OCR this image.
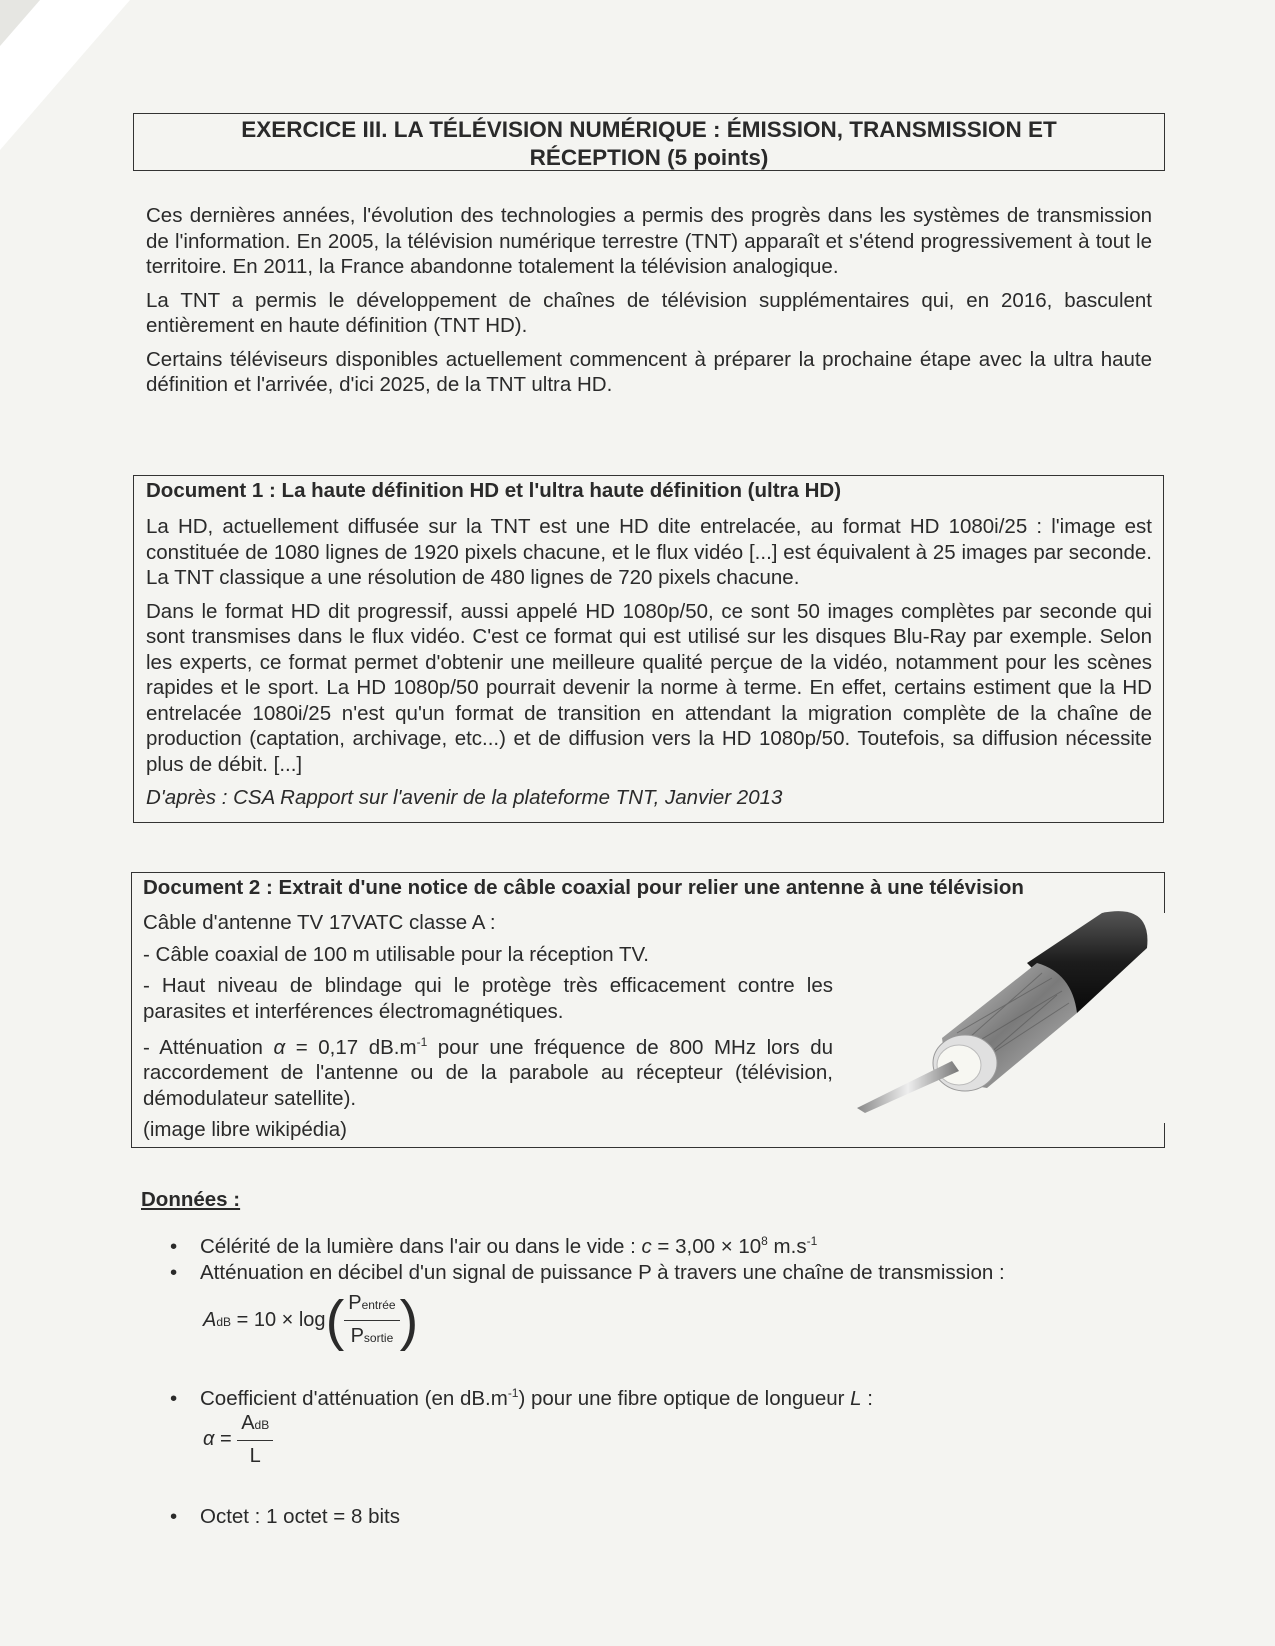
EXERCICE III. LA TÉLÉVISION NUMÉRIQUE : ÉMISSION, TRANSMISSION ET
RÉCEPTION (5 points)

Ces dernières années, l'évolution des technologies a permis des progrès dans les systèmes de transmission de l'information. En 2005, la télévision numérique terrestre (TNT) apparaît et s'étend progressivement à tout le territoire. En 2011, la France abandonne totalement la télévision analogique.

La TNT a permis le développement de chaînes de télévision supplémentaires qui, en 2016, basculent entièrement en haute définition (TNT HD).

Certains téléviseurs disponibles actuellement commencent à préparer la prochaine étape avec la ultra haute définition et l'arrivée, d'ici 2025, de la TNT ultra HD.

Document 1 : La haute définition HD et l'ultra haute définition (ultra HD)

La HD, actuellement diffusée sur la TNT est une HD dite entrelacée, au format HD 1080i/25 : l'image est constituée de 1080 lignes de 1920 pixels chacune, et le flux vidéo [...] est équivalent à 25 images par seconde. La TNT classique a une résolution de 480 lignes de 720 pixels chacune.

Dans le format HD dit progressif, aussi appelé HD 1080p/50, ce sont 50 images complètes par seconde qui sont transmises dans le flux vidéo. C'est ce format qui est utilisé sur les disques Blu-Ray par exemple. Selon les experts, ce format permet d'obtenir une meilleure qualité perçue de la vidéo, notamment pour les scènes rapides et le sport. La HD 1080p/50 pourrait devenir la norme à terme. En effet, certains estiment que la HD entrelacée 1080i/25 n'est qu'un format de transition en attendant la migration complète de la chaîne de production (captation, archivage, etc...) et de diffusion vers la HD 1080p/50. Toutefois, sa diffusion nécessite plus de débit. [...]

D'après : CSA Rapport sur l'avenir de la plateforme TNT, Janvier 2013

Document 2 : Extrait d'une notice de câble coaxial pour relier une antenne à une télévision

Câble d'antenne TV 17VATC classe A :

- Câble coaxial de 100 m utilisable pour la réception TV.

- Haut niveau de blindage qui le protège très efficacement contre les parasites et interférences électromagnétiques.

- Atténuation α = 0,17 $dB.m^{-1}$ pour une fréquence de 800 MHz lors du raccordement de l'antenne ou de la parabole au récepteur (télévision, démodulateur satellite).

(image libre wikipédia)

Données :
• Célérité de la lumière dans l'air ou dans le vide : $c = 3,00 \times 10^8$ $m.s^{-1}$
• Atténuation en décibel d'un signal de puissance P à travers une chaîne de transmission :
AdB = $10 \times \log( \frac{\text{Pentrée}}{\text{Psortie}}$ )
• Coefficient d'atténuation (en $dB.m^{-1}$) pour une fibre optique de longueur L :
$\alpha = \frac{\text{AdB}}{L}$
• Octet : 1 octet = 8 bits
